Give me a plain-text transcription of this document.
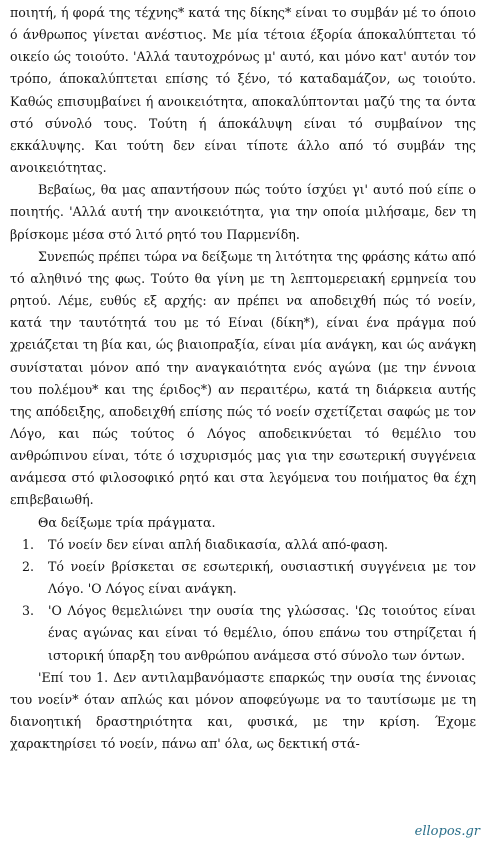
ποιητή, ή φορά της τέχνης* κατά της δίκης* είναι το συμβάν μέ το όποιο ό άνθρωπος γίνεται ανέστιος. Με μία τέτοια έξορία άποκαλύπτεται τό οικείο ώς τοιούτο. 'Αλλά ταυτοχρόνως μ' αυτό, και μόνο κατ' αυτόν τον τρόπο, άποκαλύπτεται επίσης τό ξένο, τό καταδαμάζον, ως τοιούτο. Καθώς επισυμβαίνει ή ανοικειότητα, αποκαλύπτονται μαζύ της τα όντα στό σύνολό τους. Τούτη ή άποκάλυψη είναι τό συμβαίνον της εκκάλυψης. Και τούτη δεν είναι τίποτε άλλο από τό συμβάν της ανοικειότητας.

Βεβαίως, θα μας απαντήσουν πώς τούτο ίσχύει γι' αυτό πού είπε ο ποιητής. 'Αλλά αυτή την ανοικειότητα, για την οποία μιλήσαμε, δεν τη βρίσκομε μέσα στό λιτό ρητό του Παρμενίδη.

Συνεπώς πρέπει τώρα να δείξωμε τη λιτότητα της φράσης κάτω από τό αληθινό της φως. Τούτο θα γίνη με τη λεπτομερειακή ερμηνεία του ρητού. Λέμε, ευθύς εξ αρχής: αν πρέπει να αποδειχθή πώς τό νοείν, κατά την ταυτότητά του με τό Είναι (δίκη*), είναι ένα πράγμα πού χρειάζεται τη βία και, ώς βιαιοπραξία, είναι μία ανάγκη, και ώς ανάγκη συνίσταται μόνον από την αναγκαιότητα ενός αγώνα (με την έννοια του πολέμου* και της έριδος*) αν περαιτέρω, κατά τη διάρκεια αυτής της απόδειξης, αποδειχθή επίσης πώς τό νοείν σχετίζεται σαφώς με τον Λόγο, και πώς τούτος ό Λόγος αποδεικνύεται τό θεμέλιο του ανθρώπινου είναι, τότε ό ισχυρισμός μας για την εσωτερική συγγένεια ανάμεσα στό φιλοσοφικό ρητό και στα λεγόμενα του ποιήματος θα έχη επιβεβαιωθή.

Θα δείξωμε τρία πράγματα.

1. Τό νοείν δεν είναι απλή διαδικασία, αλλά από-φαση.
2. Τό νοείν βρίσκεται σε εσωτερική, ουσιαστική συγγένεια με τον Λόγο. 'Ο Λόγος είναι ανάγκη.
3. 'Ο Λόγος θεμελιώνει την ουσία της γλώσσας. 'Ως τοιούτος είναι ένας αγώνας και είναι τό θεμέλιο, όπου επάνω του στηρίζεται ή ιστορική ύπαρξη του ανθρώπου ανάμεσα στό σύνολο των όντων.

'Επί του 1. Δεν αντιλαμβανόμαστε επαρκώς την ουσία της έννοιας του νοείν* όταν απλώς και μόνον αποφεύγωμε να το ταυτίσωμε με τη διανοητική δραστηριότητα και, φυσικά, με την κρίση. Έχομε χαρακτηρίσει τό νοείν, πάνω απ' όλα, ως δεκτική στά-

ellopos.gr
